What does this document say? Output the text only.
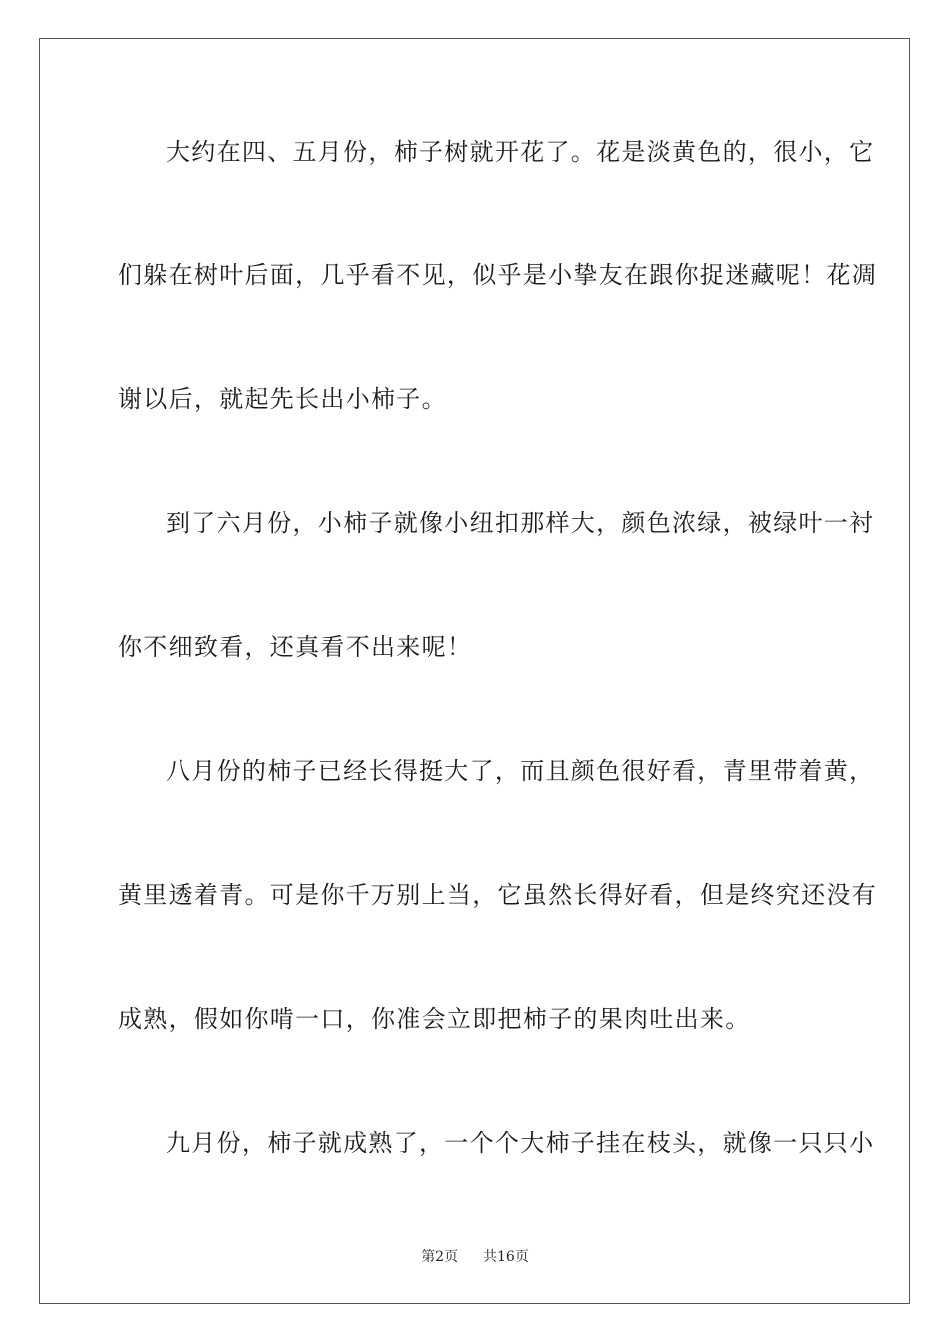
大约在四、五月份，柿子树就开花了。花是淡黄色的，很小，它
们躲在树叶后面，几乎看不见，似乎是小挚友在跟你捉迷藏呢！花凋
谢以后，就起先长出小柿子。
到了六月份，小柿子就像小纽扣那样大，颜色浓绿，被绿叶一衬
你不细致看，还真看不出来呢！
八月份的柿子已经长得挺大了，而且颜色很好看，青里带着黄，
黄里透着青。可是你千万别上当，它虽然长得好看，但是终究还没有
成熟，假如你啃一口，你准会立即把柿子的果肉吐出来。
九月份，柿子就成熟了，一个个大柿子挂在枝头，就像一只只小
第2页 共16页
